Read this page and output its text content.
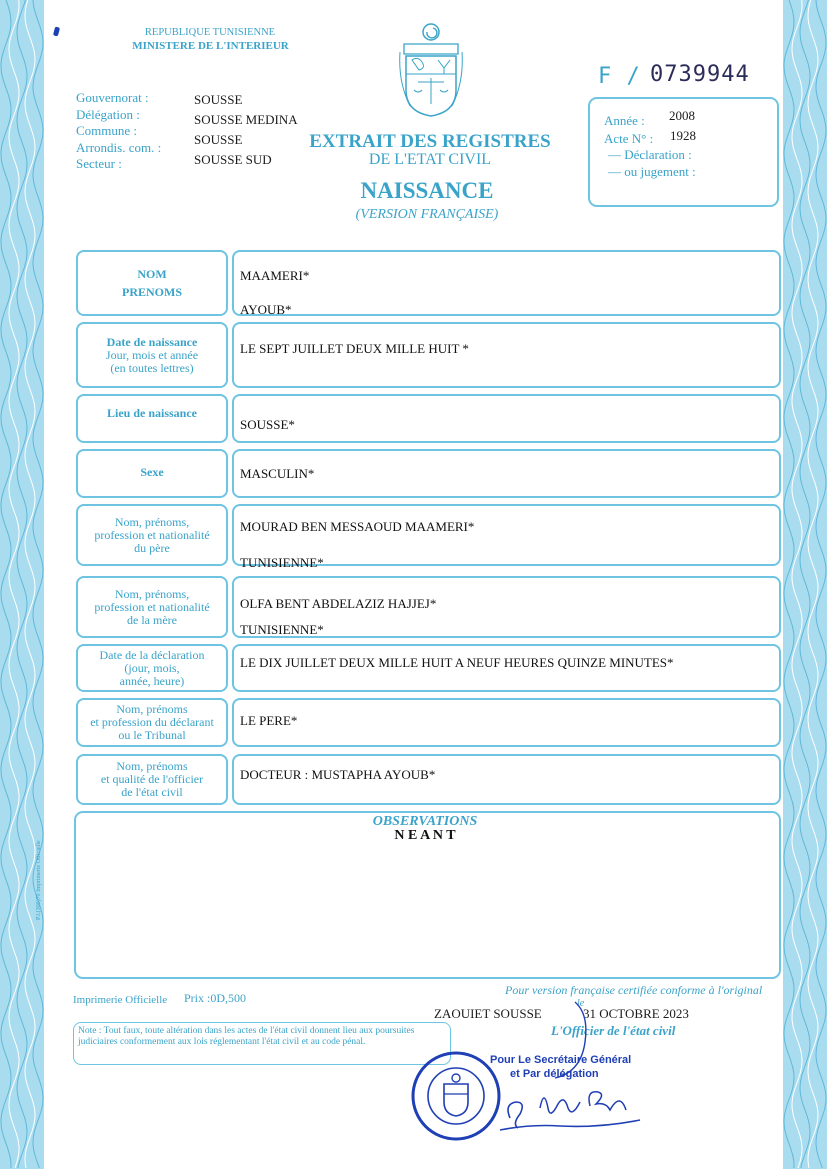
REPUBLIQUE TUNISIENNE
MINISTERE DE L'INTERIEUR
F / 0739944
Gouvernorat :
Délégation :
Commune :
Arrondis. com. :
Secteur :
SOUSSE
SOUSSE MEDINA
SOUSSE
SOUSSE SUD
EXTRAIT DES REGISTRES
DE L'ETAT CIVIL
NAISSANCE
(VERSION FRANÇAISE)
Année : 2008
Acte N° : 1928
— Déclaration :
— ou jugement :
NOM
PRENOMS
MAAMERI*
AYOUB*
Date de naissance
Jour, mois et année
(en toutes lettres)
LE SEPT JUILLET DEUX MILLE HUIT *
Lieu de naissance
SOUSSE*
Sexe	MASCULIN*
Nom, prénoms,
profession et nationalité
du père
MOURAD BEN MESSAOUD MAAMERI*
TUNISIENNE*
Nom, prénoms,
profession et nationalité
de la mère
OLFA BENT ABDELAZIZ HAJJEJ*
TUNISIENNE*
Date de la déclaration
(jour, mois,
année, heure)
LE DIX JUILLET DEUX MILLE HUIT A NEUF HEURES QUINZE MINUTES*
Nom, prénoms
et profession du déclarant
ou le Tribunal
LE PERE*
Nom, prénoms
et qualité de l'officier
de l'état civil
DOCTEUR : MUSTAPHA AYOUB*
OBSERVATIONS
N E A N T
P.I.(300)70 Imprimerie Officielle
Imprimerie Officielle Prix :0D,500
Pour version française certifiée conforme à l'original
ZAOUIET SOUSSE
le
31 OCTOBRE 2023
L'Officier de l'état civil
Note : Tout faux, toute altération dans les actes de l'état civil donnent lieu aux poursuites judiciaires conformement aux lois réglementant l'état civil et au code pénal.
Pour Le Secrétaire Général
et Par délégation
